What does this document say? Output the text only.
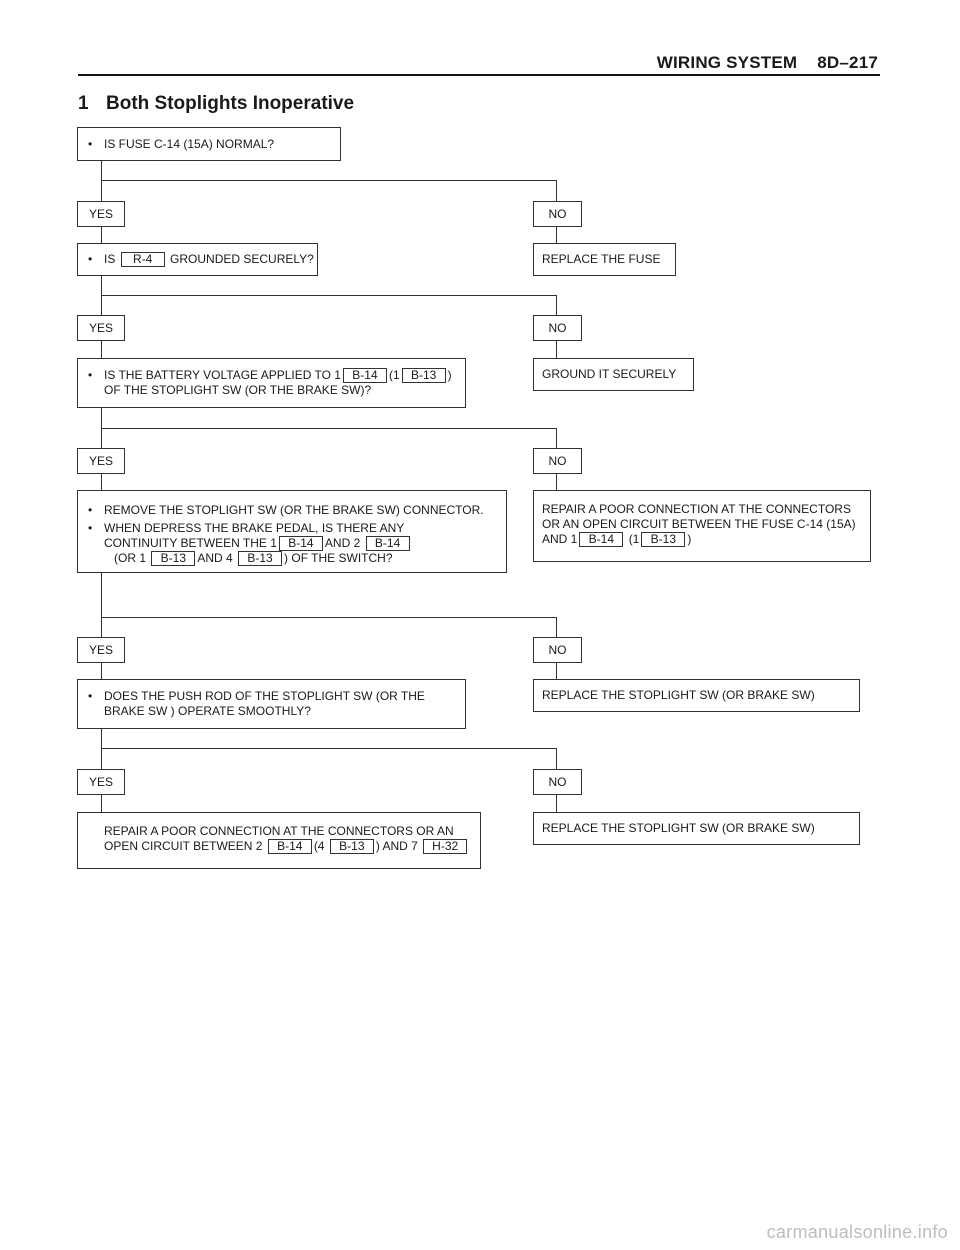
WIRING SYSTEM 8D–217
1 Both Stoplights Inoperative
• IS FUSE C-14 (15A) NORMAL?
YES	NO
• IS R-4 GROUNDED SECURELY?	REPLACE THE FUSE
YES	NO
• IS THE BATTERY VOLTAGE APPLIED TO 1 B-14 (1 B-13 )
OF THE STOPLIGHT SW (OR THE BRAKE SW)?
GROUND IT SECURELY
YES	NO
• REMOVE THE STOPLIGHT SW (OR THE BRAKE SW) CONNECTOR.
• WHEN DEPRESS THE BRAKE PEDAL, IS THERE ANY
CONTINUITY BETWEEN THE 1 B-14 AND 2 B-14
(OR 1 B-13 AND 4 B-13 ) OF THE SWITCH?
REPAIR A POOR CONNECTION AT THE CONNECTORS
OR AN OPEN CIRCUIT BETWEEN THE FUSE C-14 (15A)
AND 1 B-14 (1 B-13 )
YES	NO
• DOES THE PUSH ROD OF THE STOPLIGHT SW (OR THE
BRAKE SW ) OPERATE SMOOTHLY?
REPLACE THE STOPLIGHT SW (OR BRAKE SW)
YES	NO
REPAIR A POOR CONNECTION AT THE CONNECTORS OR AN
OPEN CIRCUIT BETWEEN 2 B-14 (4 B-13 ) AND 7 H-32
REPLACE THE STOPLIGHT SW (OR BRAKE SW)
carmanualsonline.info
